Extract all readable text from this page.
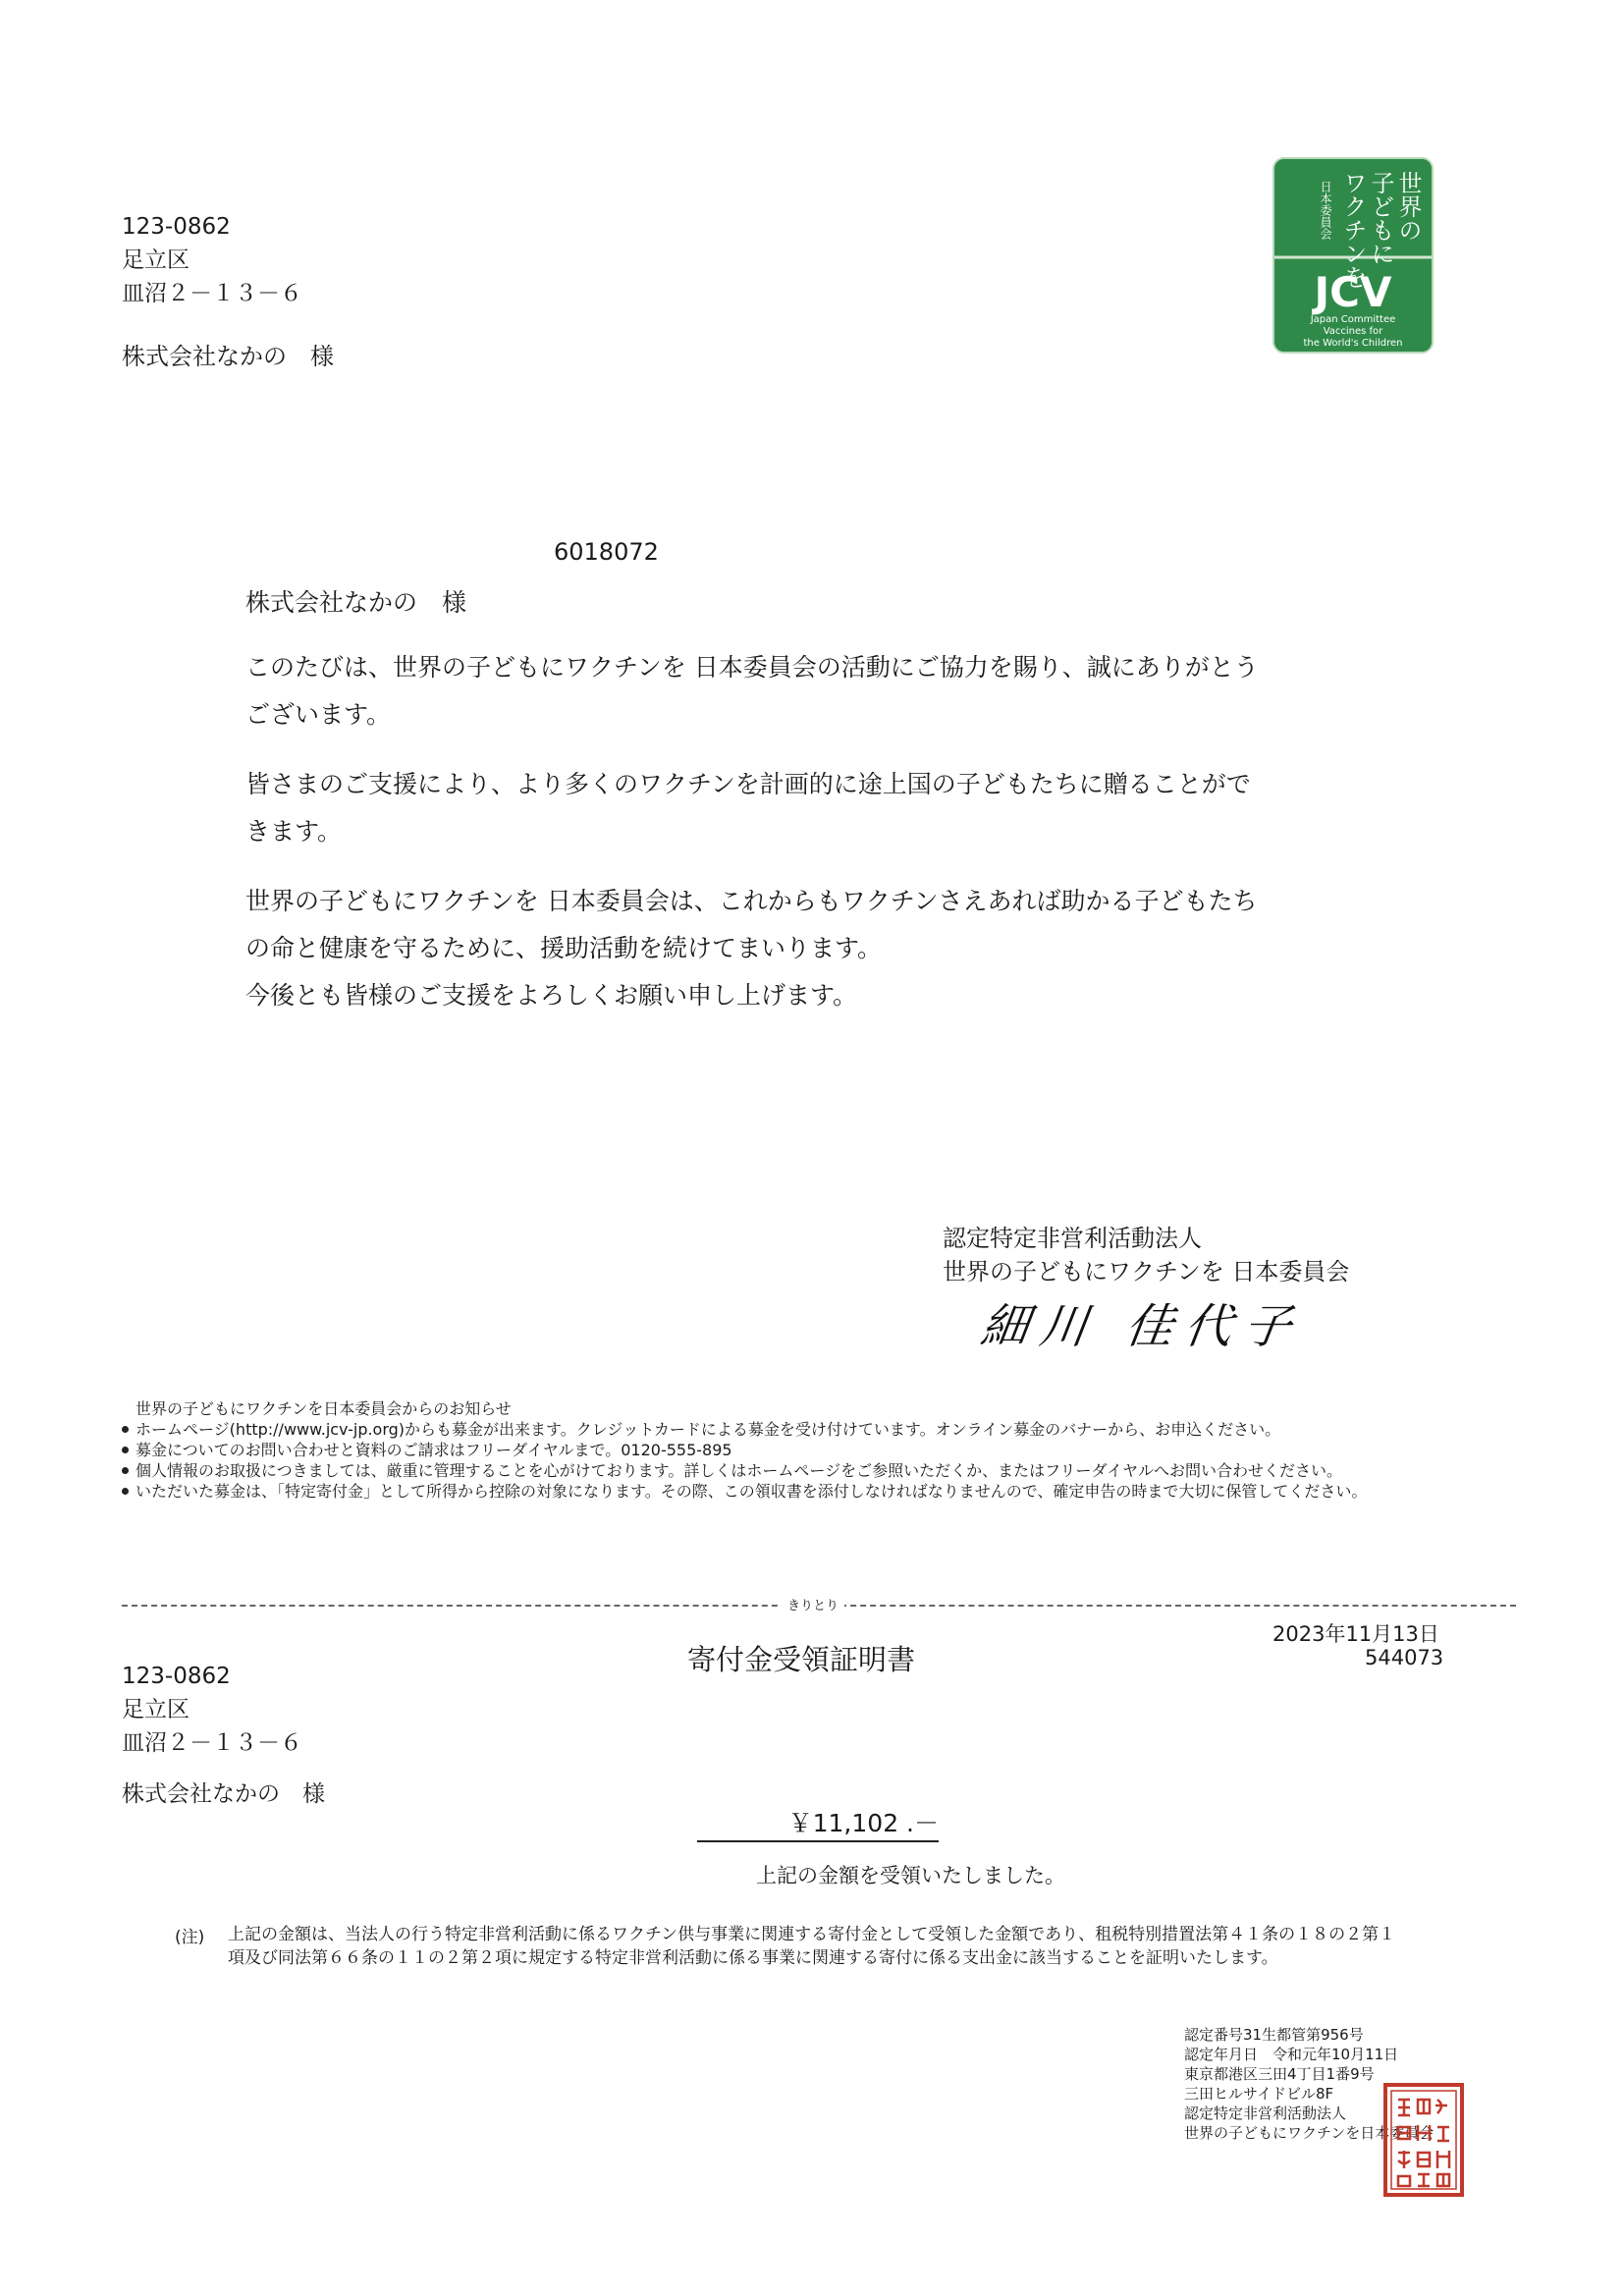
123-0862
足立区
皿沼２－１３－６
株式会社なかの　様
世界の
子どもに
ワクチンを
日本委員会
JCV
Japan Committee
Vaccines for
the World's Children
6018072
株式会社なかの　様

このたびは、世界の子どもにワクチンを 日本委員会の活動にご協力を賜り、誠にありがとう

ございます。

皆さまのご支援により、より多くのワクチンを計画的に途上国の子どもたちに贈ることがで

きます。

世界の子どもにワクチンを 日本委員会は、これからもワクチンさえあれば助かる子どもたち

の命と健康を守るために、援助活動を続けてまいります。

今後とも皆様のご支援をよろしくお願い申し上げます。

認定特定非営利活動法人
世界の子どもにワクチンを 日本委員会
細川 佳代子
世界の子どもにワクチンを日本委員会からのお知らせ
ホームページ(http://www.jcv-jp.org)からも募金が出来ます。クレジットカードによる募金を受け付けています。オンライン募金のバナーから、お申込ください。
募金についてのお問い合わせと資料のご請求はフリーダイヤルまで。0120-555-895
個人情報のお取扱につきましては、厳重に管理することを心がけております。詳しくはホームページをご参照いただくか、またはフリーダイヤルへお問い合わせください。
いただいた募金は、「特定寄付金」として所得から控除の対象になります。その際、この領収書を添付しなければなりませんので、確定申告の時まで大切に保管してください。
きりとり
2023年11月13日
544073
寄付金受領証明書
123-0862
足立区
皿沼２－１３－６
株式会社なかの　様
￥11,102 .－
上記の金額を受領いたしました。
(注) 上記の金額は、当法人の行う特定非営利活動に係るワクチン供与事業に関連する寄付金として受領した金額であり、租税特別措置法第４１条の１８の２第１項及び同法第６６条の１１の２第２項に規定する特定非営利活動に係る事業に関連する寄付に係る支出金に該当することを証明いたします。
認定番号31生都管第956号
認定年月日　令和元年10月11日
東京都港区三田4丁目1番9号
三田ヒルサイドビル8F
認定特定非営利活動法人
世界の子どもにワクチンを日本委員会
